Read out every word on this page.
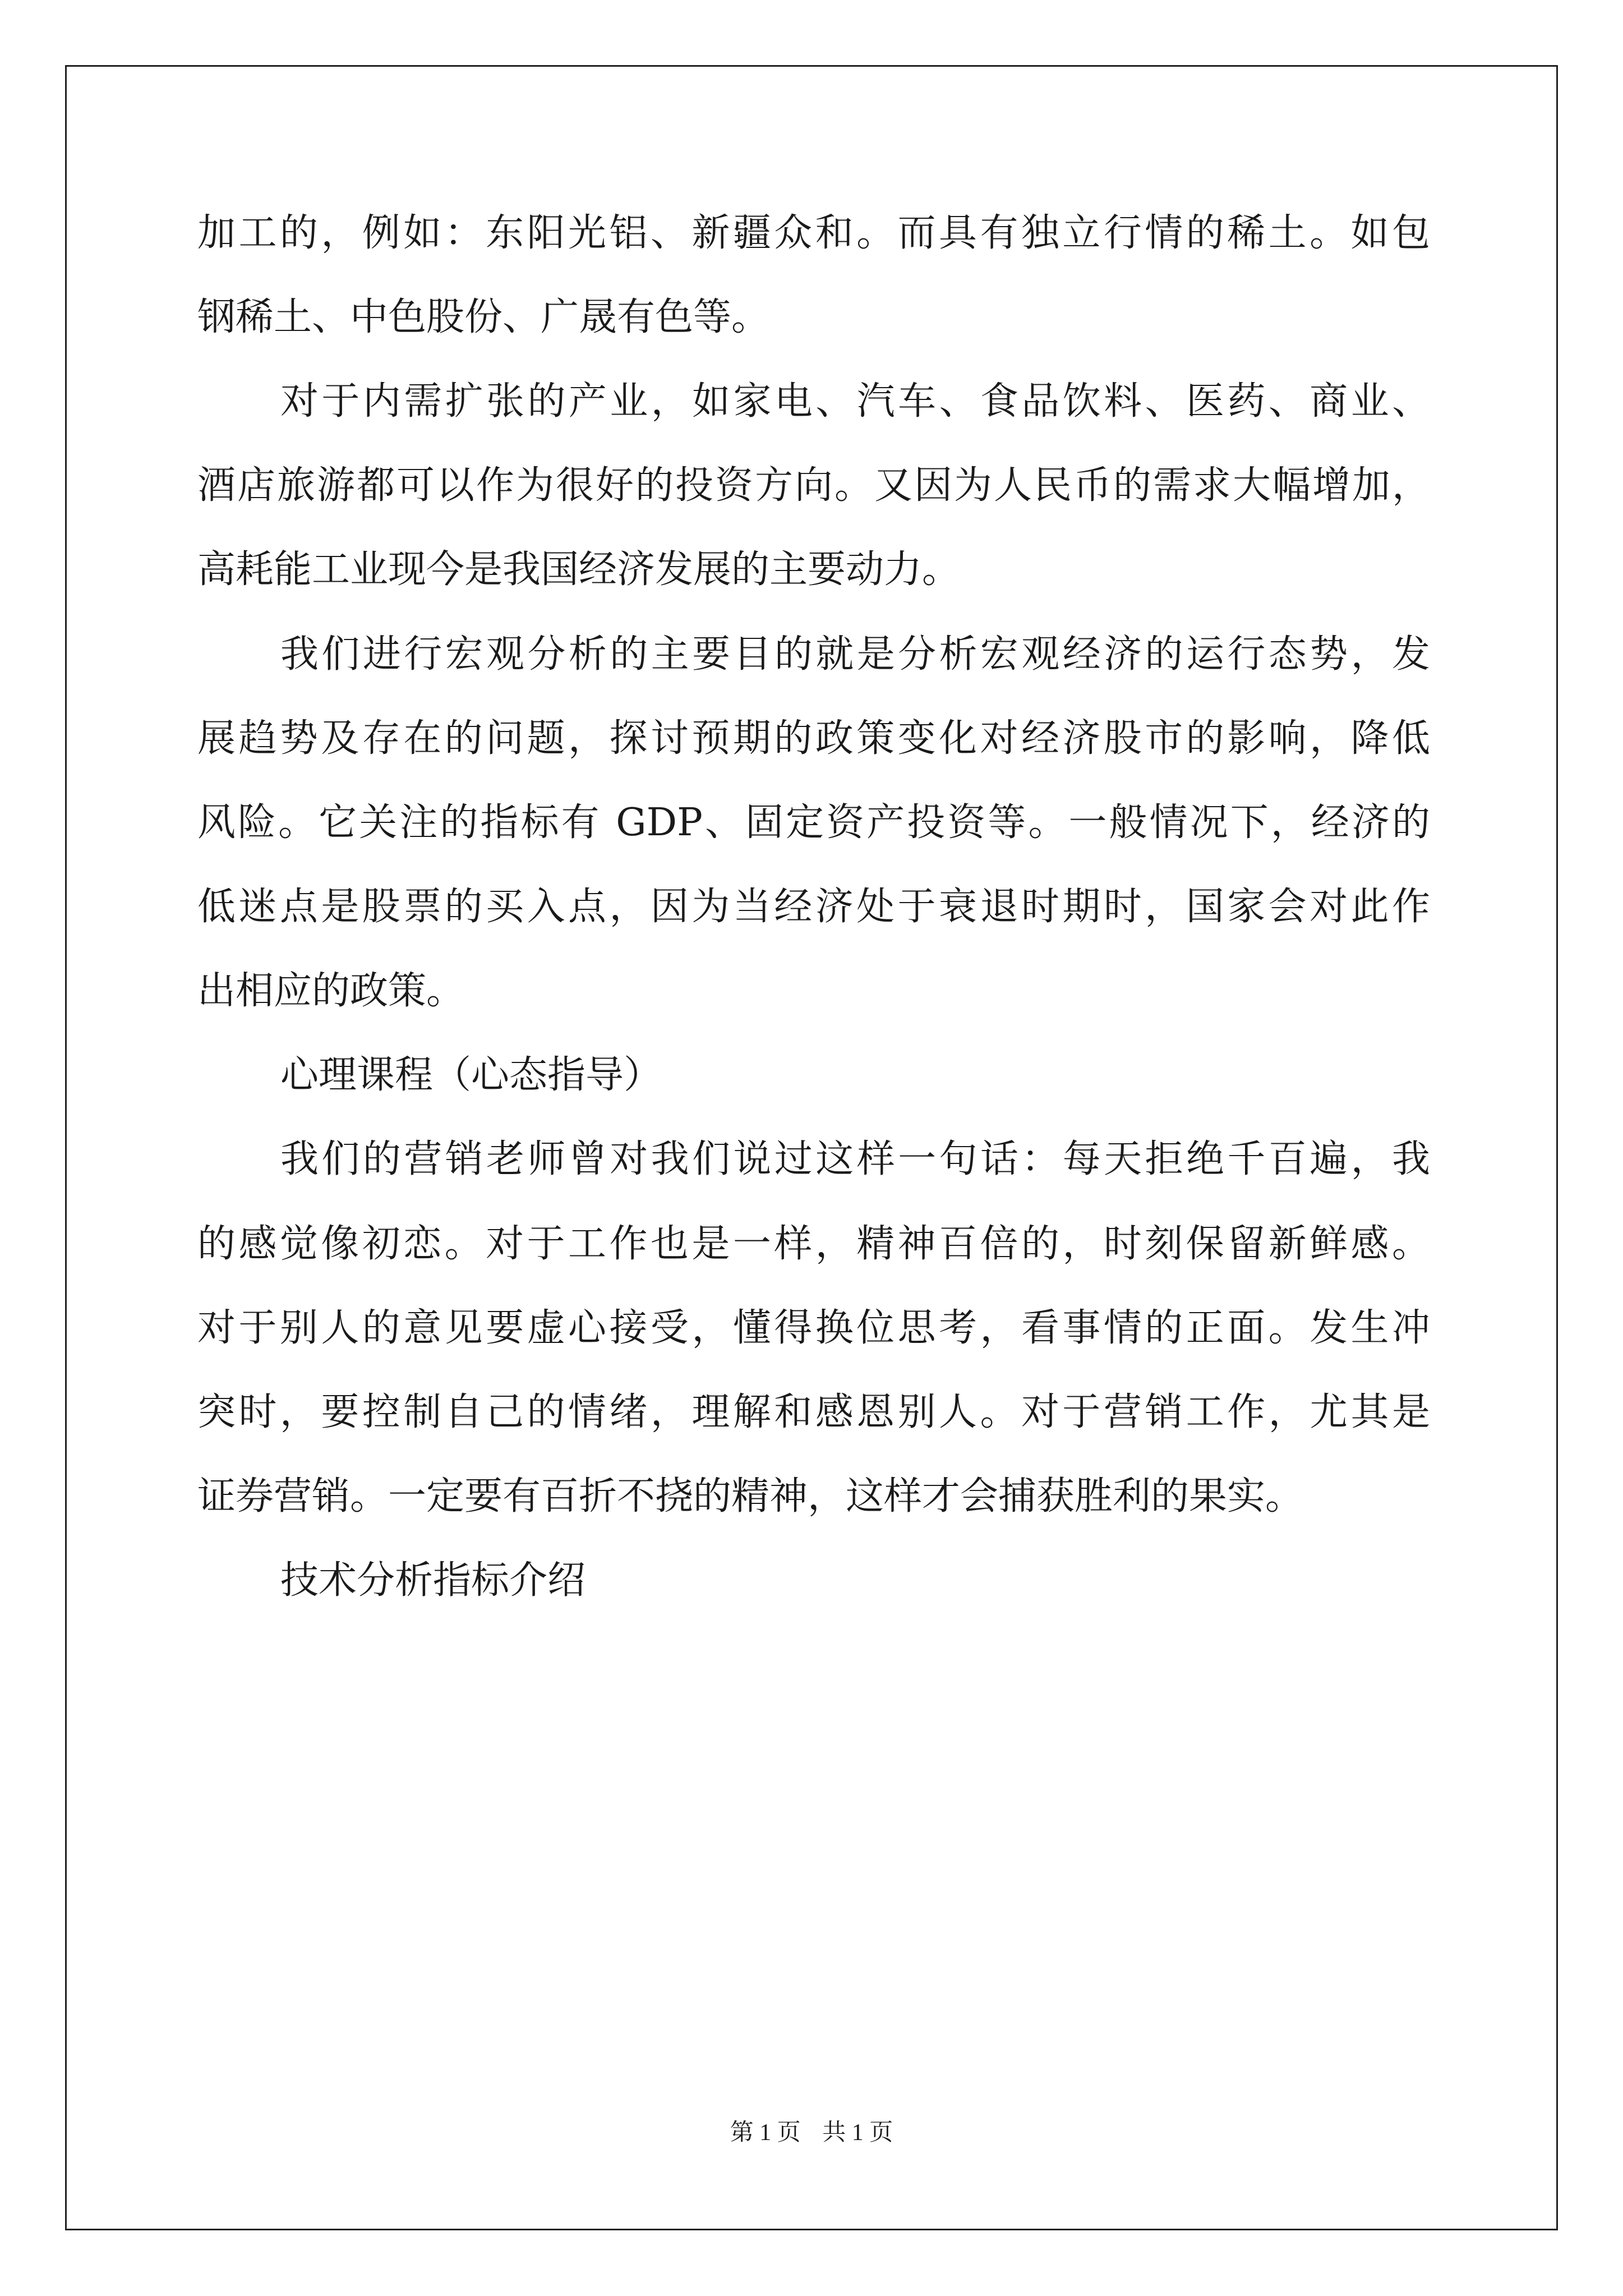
加工的，例如：东阳光铝、新疆众和。而具有独立行情的稀土。如包
钢稀土、中色股份、广晟有色等。
对于内需扩张的产业，如家电、汽车、食品饮料、医药、商业、
酒店旅游都可以作为很好的投资方向。又因为人民币的需求大幅增加，
高耗能工业现今是我国经济发展的主要动力。
我们进行宏观分析的主要目的就是分析宏观经济的运行态势，发
展趋势及存在的问题，探讨预期的政策变化对经济股市的影响，降低
风险。它关注的指标有 GDP、固定资产投资等。一般情况下，经济的
低迷点是股票的买入点，因为当经济处于衰退时期时，国家会对此作
出相应的政策。
心理课程（心态指导）
我们的营销老师曾对我们说过这样一句话：每天拒绝千百遍，我
的感觉像初恋。对于工作也是一样，精神百倍的，时刻保留新鲜感。
对于别人的意见要虚心接受，懂得换位思考，看事情的正面。发生冲
突时，要控制自己的情绪，理解和感恩别人。对于营销工作，尤其是
证券营销。一定要有百折不挠的精神，这样才会捕获胜利的果实。
技术分析指标介绍
第 1 页 共 1 页
